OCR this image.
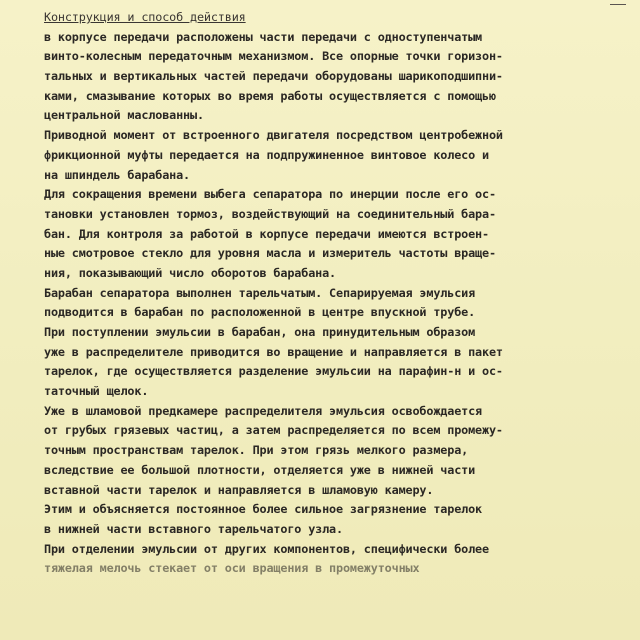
Конструкция и способ действия
в корпусе передачи расположены части передачи с одноступенчатым
винто-колесным передаточным механизмом. Все опорные точки горизон-
тальных и вертикальных частей передачи оборудованы шарикоподшипни-
ками, смазывание которых во время работы осуществляется с помощью
центральной маслованны.
Приводной момент от встроенного двигателя посредством центробежной
фрикционной муфты передается на подпружиненное винтовое колесо и
на шпиндель барабана.
Для сокращения времени выбега сепаратора по инерции после его ос-
тановки установлен тормоз, воздействующий на соединительный бара-
бан. Для контроля за работой в корпусе передачи имеются встроен-
ные смотровое стекло для уровня масла и измеритель частоты враще-
ния, показывающий число оборотов барабана.
Барабан сепаратора выполнен тарельчатым. Сепарируемая эмульсия
подводится в барабан по расположенной в центре впускной трубе.
При поступлении эмульсии в барабан, она принудительным образом
уже в распределителе приводится во вращение и направляется в пакет
тарелок, где осуществляется разделение эмульсии на парафин-н и ос-
таточный щелок.
Уже в шламовой предкамере распределителя эмульсия освобождается
от грубых грязевых частиц, а затем распределяется по всем промежу-
точным пространствам тарелок. При этом грязь мелкого размера,
вследствие ее большой плотности, отделяется уже в нижней части
вставной части тарелок и направляется в шламовую камеру.
Этим и объясняется постоянное более сильное загрязнение тарелок
в нижней части вставного тарельчатого узла.
При отделении эмульсии от других компонентов, специфически более
тяжелая мелочь стекает от оси вращения в промежуточных
